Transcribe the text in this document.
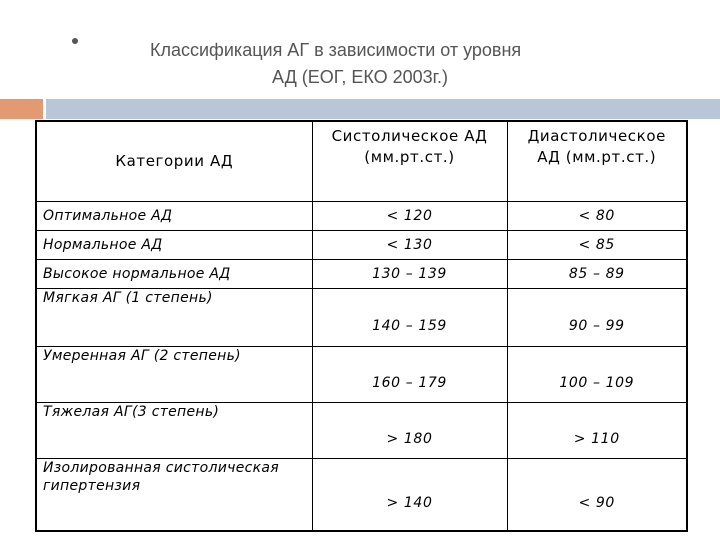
Классификация АГ в зависимости от уровня
АД (ЕОГ, ЕКО 2003г.)
Категории АД	Систолическое АД (мм.рт.ст.)	Диастолическое АД (мм.рт.ст.)
Оптимальное АД	< 120	< 80
Нормальное АД	< 130	< 85
Высокое нормальное АД	130 – 139	85 – 89
Мягкая АГ (1 степень)	140 – 159	90 – 99
Умеренная АГ (2 степень)	160 – 179	100 – 109
Тяжелая АГ(3 степень)	> 180	> 110
Изолированная систолическая гипертензия	> 140	< 90
